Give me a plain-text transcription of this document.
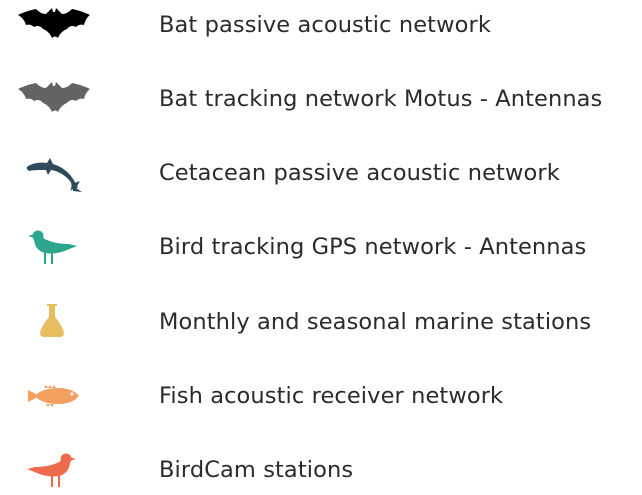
Bat passive acoustic network
Bat tracking network Motus - Antennas
Cetacean passive acoustic network
Bird tracking GPS network - Antennas
Monthly and seasonal marine stations
Fish acoustic receiver network
BirdCam stations
